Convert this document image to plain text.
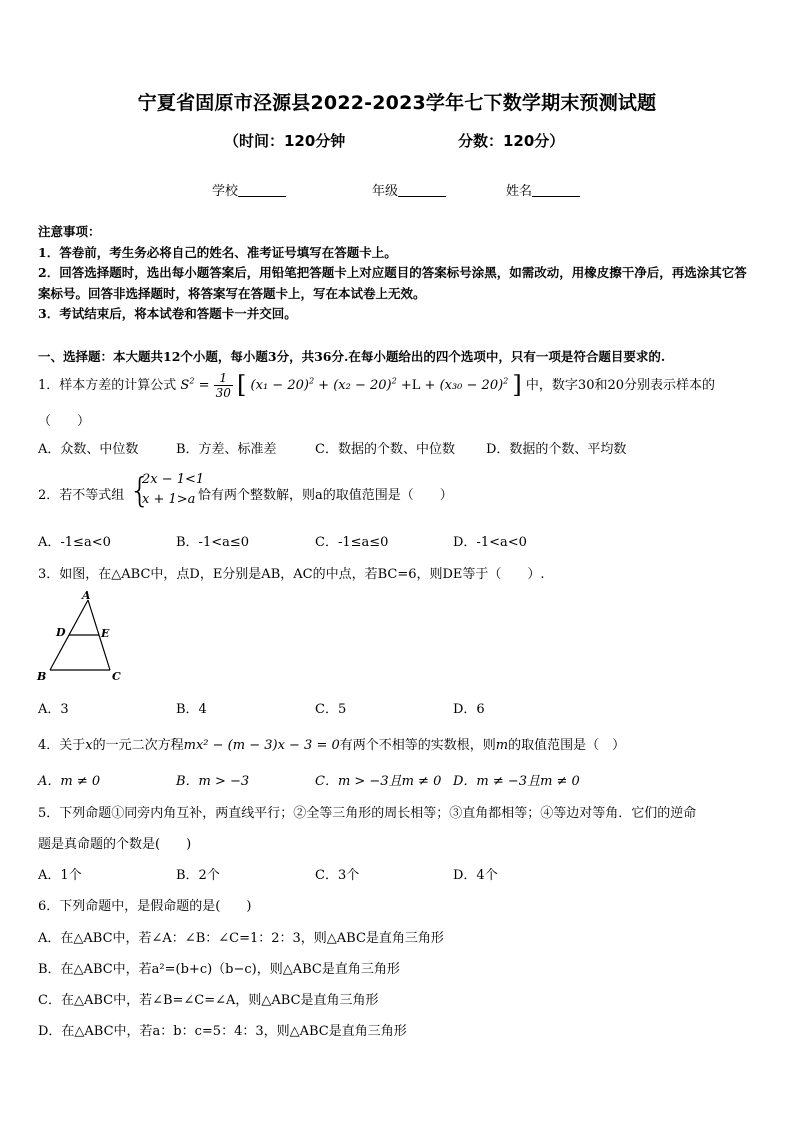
宁夏省固原市泾源县2022-2023学年七下数学期末预测试题
（时间：120分钟	分数：120分）
学校	年级	姓名
注意事项：
1．答卷前，考生务必将自己的姓名、准考证号填写在答题卡上。
2．回答选择题时，选出每小题答案后，用铅笔把答题卡上对应题目的答案标号涂黑，如需改动，用橡皮擦干净后，再选涂其它答案标号。回答非选择题时，将答案写在答题卡上，写在本试卷上无效。
3．考试结束后，将本试卷和答题卡一并交回。
一、选择题：本大题共12个小题，每小题3分，共36分.在每小题给出的四个选项中，只有一项是符合题目要求的.
1．样本方差的计算公式 $S^2 = \frac{1}{30}$ [ $(x_1 - 20)^2 + (x_2 - 20)^2 +L + (x_{30} - 20)^2$ ] 中，数字30和20分别表示样本的
（　　）
A．众数、中位数	B．方差、标准差	C．数据的个数、中位数 D．数据的个数、平均数
2．若不等式组 {
2x − 1<1
x + 1>a 恰有两个整数解，则a的取值范围是（　　）
A．-1≤a<0	B．-1<a≤0	C．-1≤a≤0	D．-1<a<0
3．如图，在△ABC中，点D，E分别是AB，AC的中点，若BC=6，则DE等于（　　）.
A
D	E
B	C
A．3	B．4	C．5	D．6
4．关于x的一元二次方程mx² − (m − 3)x − 3 = 0有两个不相等的实数根，则m的取值范围是（　）
A．m ≠ 0	B．m > −3	C．m > −3且m ≠ 0 D．m ≠ −3且m ≠ 0
5．下列命题①同旁内角互补，两直线平行；②全等三角形的周长相等；③直角都相等；④等边对等角．它们的逆命
题是真命题的个数是(　　)
A．1个	B．2个	C．3个	D．4个
6．下列命题中，是假命题的是(　　)
A．在△ABC中，若∠A：∠B：∠C=1：2：3，则△ABC是直角三角形
B．在△ABC中，若a²=(b+c)（b−c)，则△ABC是直角三角形
C．在△ABC中，若∠B=∠C=∠A，则△ABC是直角三角形
D．在△ABC中，若a：b：c=5：4：3，则△ABC是直角三角形
